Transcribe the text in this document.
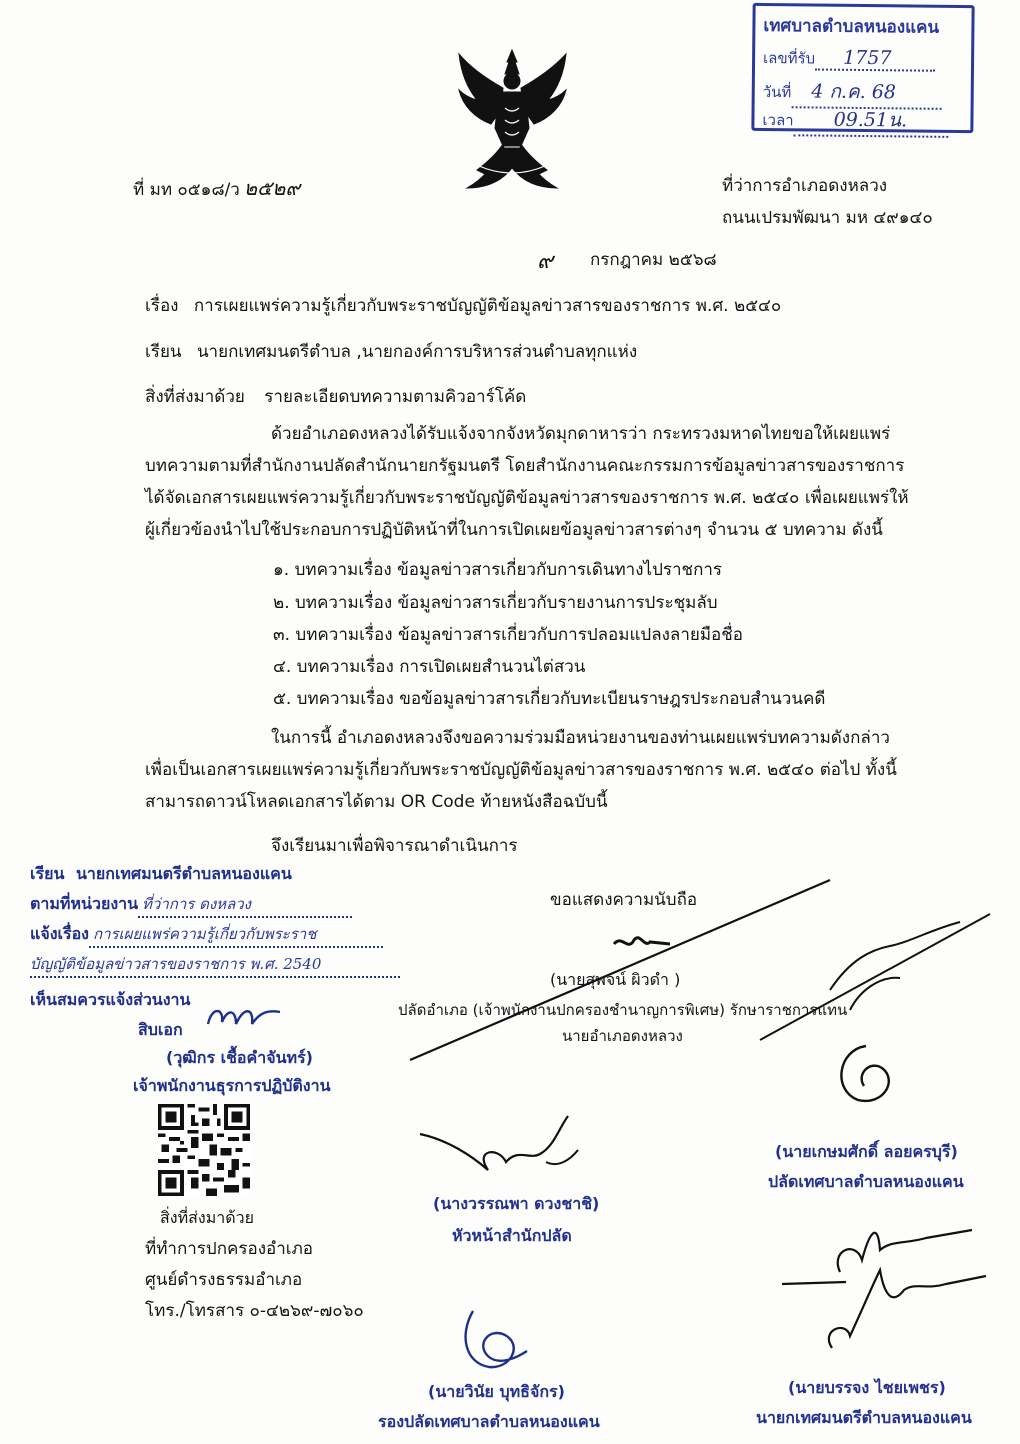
เทศบาลตำบลหนองแคน
เลขที่รับ 1757
วันที่ 4 ก.ค. 68
เวลา 09.51น.
ที่ มท ๐๕๑๘/ว ๒๕๒๙	ที่ว่าการอำเภอดงหลวง
ถนนเปรมพัฒนา มห ๔๙๑๔๐
๙ กรกฎาคม ๒๕๖๘
เรื่อง การเผยแพร่ความรู้เกี่ยวกับพระราชบัญญัติข้อมูลข่าวสารของราชการ พ.ศ. ๒๕๔๐
เรียน นายกเทศมนตรีตำบล ,นายกองค์การบริหารส่วนตำบลทุกแห่ง
สิ่งที่ส่งมาด้วย รายละเอียดบทความตามคิวอาร์โค้ด

ด้วยอำเภอดงหลวงได้รับแจ้งจากจังหวัดมุกดาหารว่า กระทรวงมหาดไทยขอให้เผยแพร่

บทความตามที่สำนักงานปลัดสำนักนายกรัฐมนตรี โดยสำนักงานคณะกรรมการข้อมูลข่าวสารของราชการ

ได้จัดเอกสารเผยแพร่ความรู้เกี่ยวกับพระราชบัญญัติข้อมูลข่าวสารของราชการ พ.ศ. ๒๕๔๐ เพื่อเผยแพร่ให้

ผู้เกี่ยวข้องนำไปใช้ประกอบการปฏิบัติหน้าที่ในการเปิดเผยข้อมูลข่าวสารต่างๆ จำนวน ๕ บทความ ดังนี้

๑. บทความเรื่อง ข้อมูลข่าวสารเกี่ยวกับการเดินทางไปราชการ
๒. บทความเรื่อง ข้อมูลข่าวสารเกี่ยวกับรายงานการประชุมลับ
๓. บทความเรื่อง ข้อมูลข่าวสารเกี่ยวกับการปลอมแปลงลายมือชื่อ
๔. บทความเรื่อง การเปิดเผยสำนวนไต่สวน
๕. บทความเรื่อง ขอข้อมูลข่าวสารเกี่ยวกับทะเบียนราษฎรประกอบสำนวนคดี

ในการนี้ อำเภอดงหลวงจึงขอความร่วมมือหน่วยงานของท่านเผยแพร่บทความดังกล่าว

เพื่อเป็นเอกสารเผยแพร่ความรู้เกี่ยวกับพระราชบัญญัติข้อมูลข่าวสารของราชการ พ.ศ. ๒๕๔๐ ต่อไป ทั้งนี้

สามารถดาวน์โหลดเอกสารได้ตาม OR Code ท้ายหนังสือฉบับนี้

จึงเรียนมาเพื่อพิจารณาดำเนินการ
ขอแสดงความนับถือ
(นายสุพจน์ ผิวดำ )
ปลัดอำเภอ (เจ้าพนักงานปกครองชำนาญการพิเศษ) รักษาราชการแทน
นายอำเภอดงหลวง
เรียน นายกเทศมนตรีตำบลหนองแคน
ตามที่หน่วยงาน ที่ว่าการ ดงหลวง
แจ้งเรื่อง การเผยแพร่ความรู้เกี่ยวกับพระราช
บัญญัติข้อมูลข่าวสารของราชการ พ.ศ. 2540
เห็นสมควรแจ้งส่วนงาน
สิบเอก
(วุฒิกร เชื้อคำจันทร์)
เจ้าพนักงานธุรการปฏิบัติงาน
สิ่งที่ส่งมาด้วย
ที่ทำการปกครองอำเภอ
ศูนย์ดำรงธรรมอำเภอ
โทร./โทรสาร ๐-๔๒๖๙-๗๐๖๐
(นายเกษมศักดิ์ ลอยครบุรี)
ปลัดเทศบาลตำบลหนองแคน
(นางวรรณพา ดวงชาชิ)
หัวหน้าสำนักปลัด
(นายวินัย บุทธิจักร)
รองปลัดเทศบาลตำบลหนองแคน
(นายบรรจง ไชยเพชร)
นายกเทศมนตรีตำบลหนองแคน
